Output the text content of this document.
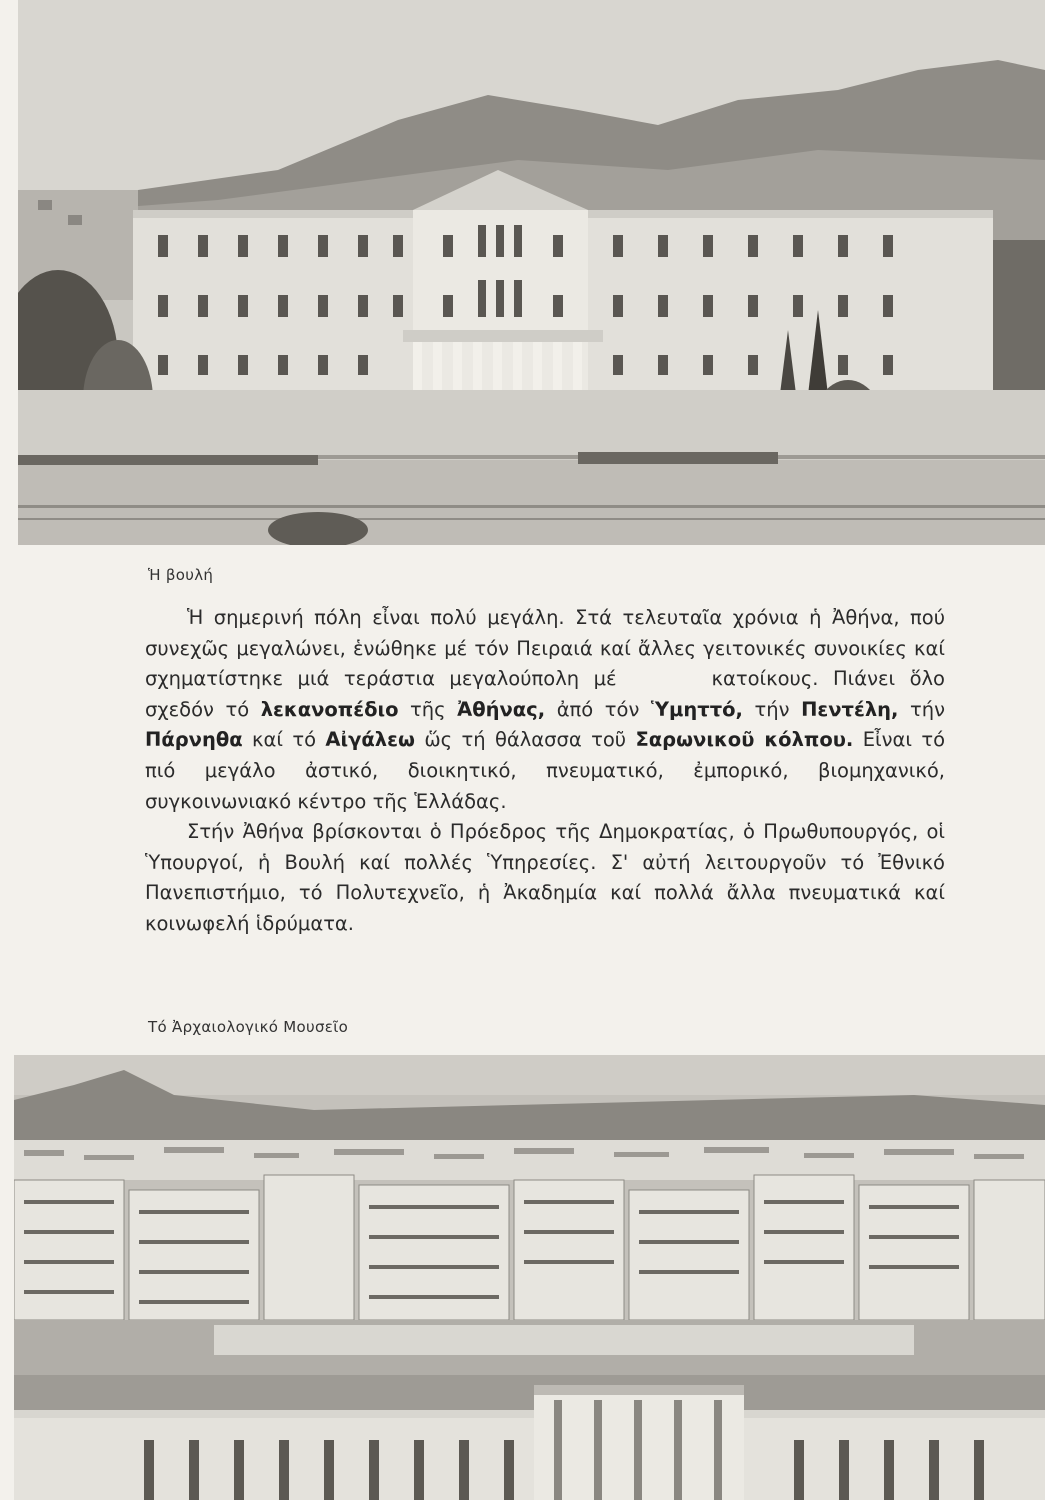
Ἡ βουλή

Ἡ σημερινή πόλη εἶναι πολύ μεγάλη. Στά τελευταῖα χρόνια ἡ Ἀθήνα, πού συνεχῶς μεγαλώνει, ἑνώθηκε μέ τόν Πειραιά καί ἄλλες γειτονικές συνοικίες καί σχηματίστηκε μιά τεράστια μεγαλούπολη μέ	κατοίκους. Πιάνει ὅλο σχεδόν τό λεκανοπέδιο τῆς Ἀθήνας, ἀπό τόν Ὑμηττό, τήν Πεντέλη, τήν Πάρνηθα καί τό Αἰγάλεω ὥς τή θάλασσα τοῦ Σαρωνικοῦ κόλπου. Εἶναι τό πιό μεγάλο ἀστικό, διοικητικό, πνευματικό, ἐμπορικό, βιομηχανικό, συγκοινωνιακό κέντρο τῆς Ἑλλάδας.

Στήν Ἀθήνα βρίσκονται ὁ Πρόεδρος τῆς Δημοκρατίας, ὁ Πρωθυπουργός, οἱ Ὑπουργοί, ἡ Βουλή καί πολλές Ὑπηρεσίες. Σ' αὐτή λειτουργοῦν τό Ἐθνικό Πανεπιστήμιο, τό Πολυτεχνεῖο, ἡ Ἀκαδημία καί πολλά ἄλλα πνευματικά καί κοινωφελή ἱδρύματα.

Τό Ἀρχαιολογικό Μουσεῖο
